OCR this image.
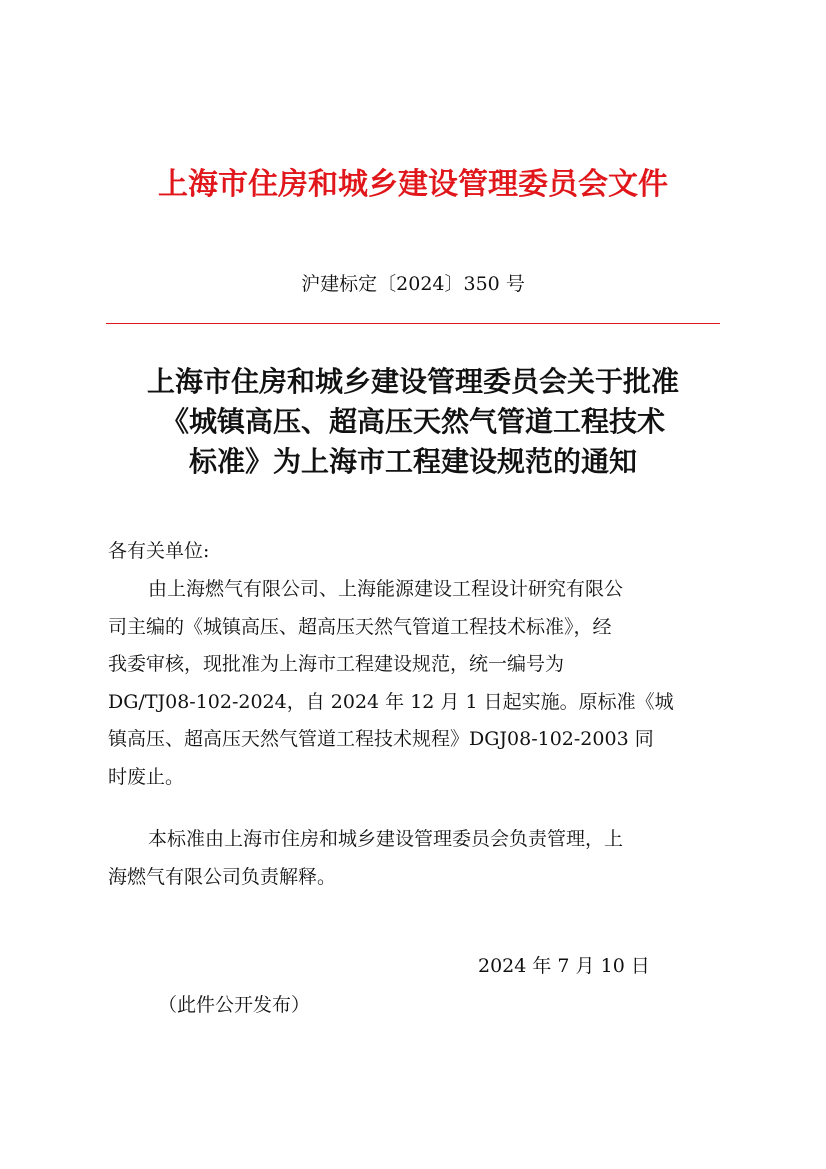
上海市住房和城乡建设管理委员会文件
沪建标定〔2024〕350 号
上海市住房和城乡建设管理委员会关于批准
《城镇高压、超高压天然气管道工程技术
标准》为上海市工程建设规范的通知
各有关单位:
由上海燃气有限公司、上海能源建设工程设计研究有限公
司主编的《城镇高压、超高压天然气管道工程技术标准》，经
我委审核，现批准为上海市工程建设规范，统一编号为
DG/TJ08-102-2024，自 2024 年 12 月 1 日起实施。原标准《城
镇高压、超高压天然气管道工程技术规程》DGJ08-102-2003 同
时废止。
本标准由上海市住房和城乡建设管理委员会负责管理，上
海燃气有限公司负责解释。
2024 年 7 月 10 日
（此件公开发布）
